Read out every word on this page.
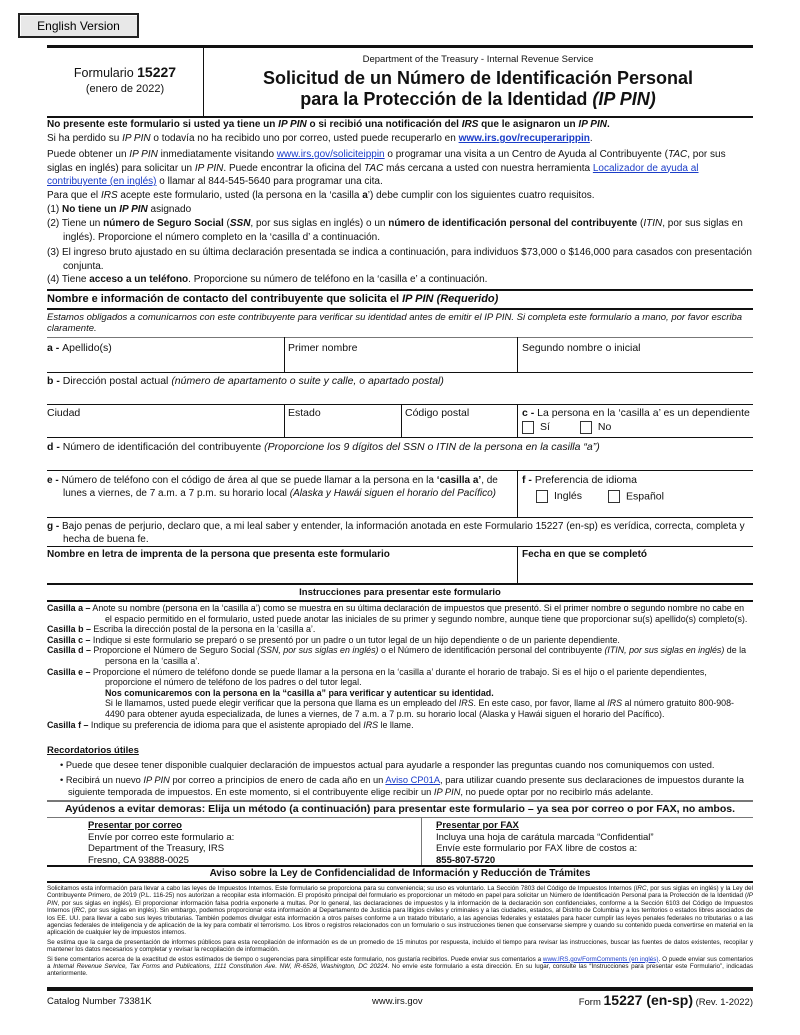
English Version
Formulario 15227
(enero de 2022)
Department of the Treasury - Internal Revenue Service
Solicitud de un Número de Identificación Personal
para la Protección de la Identidad (IP PIN)
No presente este formulario si usted ya tiene un IP PIN o si recibió una notificación del IRS que le asignaron un IP PIN.
Si ha perdido su IP PIN o todavía no ha recibido uno por correo, usted puede recuperarlo en www.irs.gov/recuperarippin.
Puede obtener un IP PIN inmediatamente visitando www.irs.gov/soliciteippin o programar una visita a un Centro de Ayuda al Contribuyente (TAC, por sus siglas en inglés) para solicitar un IP PIN. Puede encontrar la oficina del TAC más cercana a usted con nuestra herramienta Localizador de ayuda al contribuyente (en inglés) o llamar al 844-545-5640 para programar una cita.
Para que el IRS acepte este formulario, usted (la persona en la ‘casilla a’) debe cumplir con los siguientes cuatro requisitos.
(1) No tiene un IP PIN asignado
(2) Tiene un número de Seguro Social (SSN, por sus siglas en inglés) o un número de identificación personal del contribuyente (ITIN, por sus siglas en inglés). Proporcione el número completo en la ‘casilla d’ a continuación.
(3) El ingreso bruto ajustado en su última declaración presentada se indica a continuación, para individuos $73,000 o $146,000 para casados con presentación conjunta.
(4) Tiene acceso a un teléfono. Proporcione su número de teléfono en la ‘casilla e’ a continuación.
Nombre e información de contacto del contribuyente que solicita el IP PIN (Requerido)
Estamos obligados a comunicarnos con este contribuyente para verificar su identidad antes de emitir el IP PIN. Si completa este formulario a mano, por favor escriba claramente.
a - Apellido(s)	Primer nombre	Segundo nombre o inicial
b - Dirección postal actual (número de apartamento o suite y calle, o apartado postal)
Ciudad	Estado	Código postal	c - La persona en la ‘casilla a’ es un dependiente
Sí	No
d - Número de identificación del contribuyente (Proporcione los 9 dígitos del SSN o ITIN de la persona en la casilla “a”)
e - Número de teléfono con el código de área al que se puede llamar a la persona en la ‘casilla a’, de lunes a viernes, de 7 a.m. a 7 p.m. su horario local (Alaska y Hawái siguen el horario del Pacífico)
f - Preferencia de idioma
Inglés	Español
g - Bajo penas de perjurio, declaro que, a mi leal saber y entender, la información anotada en este Formulario 15227 (en-sp) es verídica, correcta, completa y hecha de buena fe.
Nombre en letra de imprenta de la persona que presenta este formulario	Fecha en que se completó
Instrucciones para presentar este formulario
Casilla a – Anote su nombre (persona en la ‘casilla a’) como se muestra en su última declaración de impuestos que presentó. Si el primer nombre o segundo nombre no cabe en el espacio permitido en el formulario, usted puede anotar las iniciales de su primer y segundo nombre, aunque tiene que proporcionar su(s) apellido(s) completo(s).
Casilla b – Escriba la dirección postal de la persona en la ‘casilla a’.
Casilla c – Indique si este formulario se preparó o se presentó por un padre o un tutor legal de un hijo dependiente o de un pariente dependiente.
Casilla d – Proporcione el Número de Seguro Social (SSN, por sus siglas en inglés) o el Número de identificación personal del contribuyente (ITIN, por sus siglas en inglés) de la persona en la ‘casilla a’.
Casilla e – Proporcione el número de teléfono donde se puede llamar a la persona en la ‘casilla a’ durante el horario de trabajo. Si es el hijo o el pariente dependientes, proporcione el número de teléfono de los padres o del tutor legal.
Nos comunicaremos con la persona en la “casilla a” para verificar y autenticar su identidad.
Si le llamamos, usted puede elegir verificar que la persona que llama es un empleado del IRS. En este caso, por favor, llame al IRS al número gratuito 800-908-4490 para obtener ayuda especializada, de lunes a viernes, de 7 a.m. a 7 p.m. su horario local (Alaska y Hawái siguen el horario del Pacífico).
Casilla f – Indique su preferencia de idioma para que el asistente apropiado del IRS le llame.
Recordatorios útiles
• Puede que desee tener disponible cualquier declaración de impuestos actual para ayudarle a responder las preguntas cuando nos comuniquemos con usted.
• Recibirá un nuevo IP PIN por correo a principios de enero de cada año en un Aviso CP01A, para utilizar cuando presente sus declaraciones de impuestos durante la siguiente temporada de impuestos. En este momento, si el contribuyente elige recibir un IP PIN, no puede optar por no recibirlo más adelante.
Ayúdenos a evitar demoras: Elija un método (a continuación) para presentar este formulario – ya sea por correo o por FAX, no ambos.
Presentar por correo
Envíe por correo este formulario a:
Department of the Treasury, IRS
Fresno, CA 93888-0025
Presentar por FAX
Incluya una hoja de carátula marcada “Confidential”
Envíe este formulario por FAX libre de costos a:
855-807-5720
Aviso sobre la Ley de Confidencialidad de Información y Reducción de Trámites
Solicitamos esta información para llevar a cabo las leyes de Impuestos Internos. Este formulario se proporciona para su conveniencia; su uso es voluntario. La Sección 7803 del Código de Impuestos Internos (IRC, por sus siglas en inglés) y la Ley del Contribuyente Primero, de 2019 (P.L. 116-25) nos autorizan a recopilar esta información. El propósito principal del formulario es proporcionar un método en papel para solicitar un Número de Identificación Personal para la Protección de la Identidad (IP PIN, por sus siglas en inglés). El proporcionar información falsa podría exponerle a multas. Por lo general, las declaraciones de impuestos y la información de la declaración son confidenciales, conforme a la Sección 6103 del Código de Impuestos Internos (IRC, por sus siglas en inglés). Sin embargo, podemos proporcionar esta información al Departamento de Justicia para litigios civiles y criminales y a las ciudades, estados, al Distrito de Columbia y a los territorios o estados libres asociados de los EE. UU. para llevar a cabo sus leyes tributarias. También podemos divulgar esta información a otros países conforme a un tratado tributario, a las agencias federales y estatales para hacer cumplir las leyes penales federales no tributarias o a las agencias federales de inteligencia y de aplicación de la ley para combatir el terrorismo. Los libros o registros relacionados con un formulario o sus instrucciones tienen que conservarse siempre y cuando su contenido pueda convertirse en material en la aplicación de cualquier ley de impuestos internos.
Se estima que la carga de presentación de informes públicos para esta recopilación de información es de un promedio de 15 minutos por respuesta, incluido el tiempo para revisar las instrucciones, buscar las fuentes de datos existentes, recopilar y mantener los datos necesarios y completar y revisar la recopilación de información.
Si tiene comentarios acerca de la exactitud de estos estimados de tiempo o sugerencias para simplificar este formulario, nos gustaría recibirlos. Puede enviar sus comentarios a www.IRS.gov/FormComments (en inglés). O puede enviar sus comentarios a Internal Revenue Service, Tax Forms and Publications, 1111 Constitution Ave. NW, IR-6526, Washington, DC 20224. No envíe este formulario a esta dirección. En su lugar, consulte las “Instrucciones para presentar este Formulario”, indicadas anteriormente.
Catalog Number 73381K	www.irs.gov	Form 15227 (en-sp) (Rev. 1-2022)
